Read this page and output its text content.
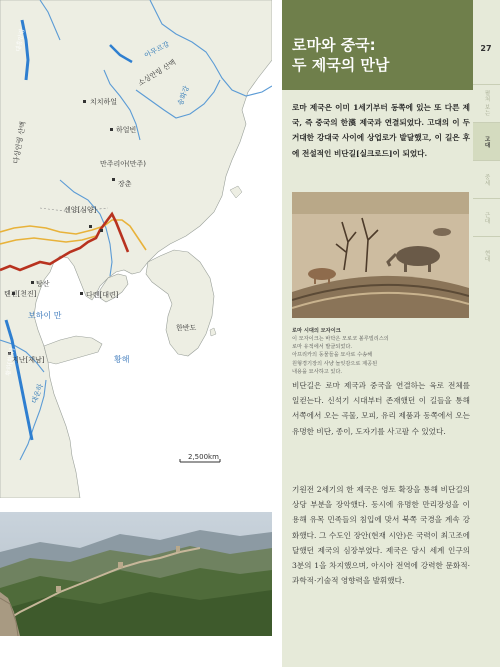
2,500km
대흥안령	아무르강
소싱안링 산맥
송화강
다싱안링 산맥
치치하얼
하얼빈
만주리아(만주)
장춘
센양[심양]
탕산
톈진[천진]
보하이 만
다롄[대련]
한반도
황해
지난[제남]
황하[황하]
대운하
로마와 중국:
두 제국의 만남
27
펼쳐 보는
고대
중세
근대
현대

로마 제국은 이미 1세기부터 동쪽에 있는 또 다른 제국, 즉 중국의 한漢 제국과 연결되었다. 고대의 이 두 거대한 강대국 사이에 상업로가 발달했고, 이 길은 후에 전설적인 비단길[실크로드]이 되었다.

로마 시대의 모자이크
이 모자이크는 바닥은 모로코 볼루빌리스의
로마 유적에서 발굴되었다.
아프리카의 동물들을 묘사로 수송해
원형경기장의 사냥 놀잇감으로 제공된
내용을 묘사하고 있다.

비단길은 로마 제국과 중국을 연결하는 육로 전체를 일컫는다. 신석기 시대부터 존재했던 이 길들을 통해 서쪽에서 오는 곡물, 모피, 유리 제품과 동쪽에서 오는 유명한 비단, 종이, 도자기를 사고팔 수 있었다.

기원전 2세기의 한 제국은 영토 확장을 통해 비단길의 상당 부분을 장악했다. 동시에 유명한 만리장성을 이용해 유목 민족들의 침입에 맞서 북쪽 국경을 계속 강화했다. 그 수도인 장안(현재 시안)은 국력이 최고조에 달했던 제국의 심장부였다. 제국은 당시 세계 인구의 3분의 1을 차지했으며, 아시아 전역에 강력한 문화적·과학적·기술적 영향력을 발휘했다.
